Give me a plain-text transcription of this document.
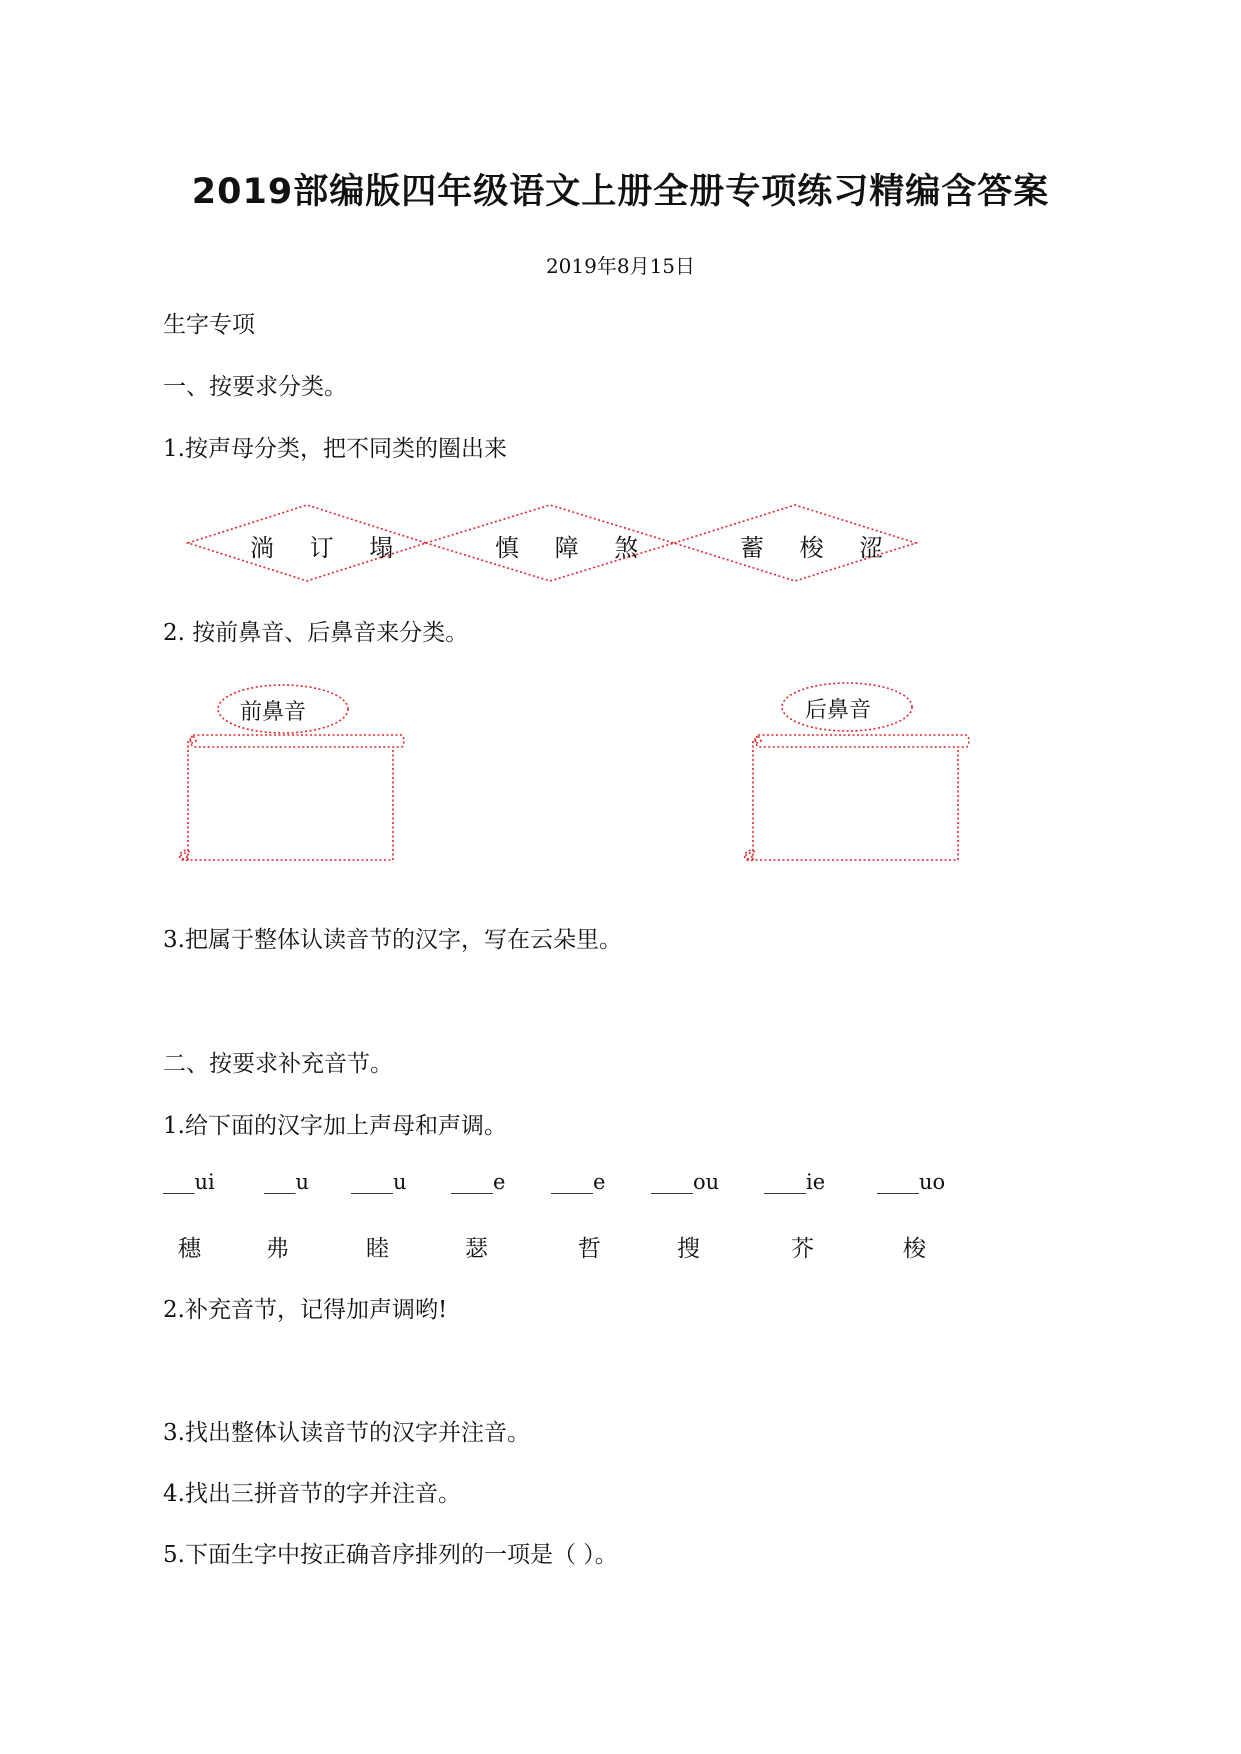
2019部编版四年级语文上册全册专项练习精编含答案
2019年8月15日
生字专项
一、按要求分类。
1.按声母分类，把不同类的圈出来
淌 订 塌	慎 障 煞	蓄 梭 涩
2. 按前鼻音、后鼻音来分类。
前鼻音	后鼻音
3.把属于整体认读音节的汉字，写在云朵里。
二、按要求补充音节。
1.给下面的汉字加上声母和声调。
___ui ___u ____u ____e ____e ____ou ____ie ____uo
穗	弗	睦	瑟	哲	搜	芥	梭
2.补充音节，记得加声调哟!
3.找出整体认读音节的汉字并注音。
4.找出三拼音节的字并注音。
5.下面生字中按正确音序排列的一项是（ ）。
